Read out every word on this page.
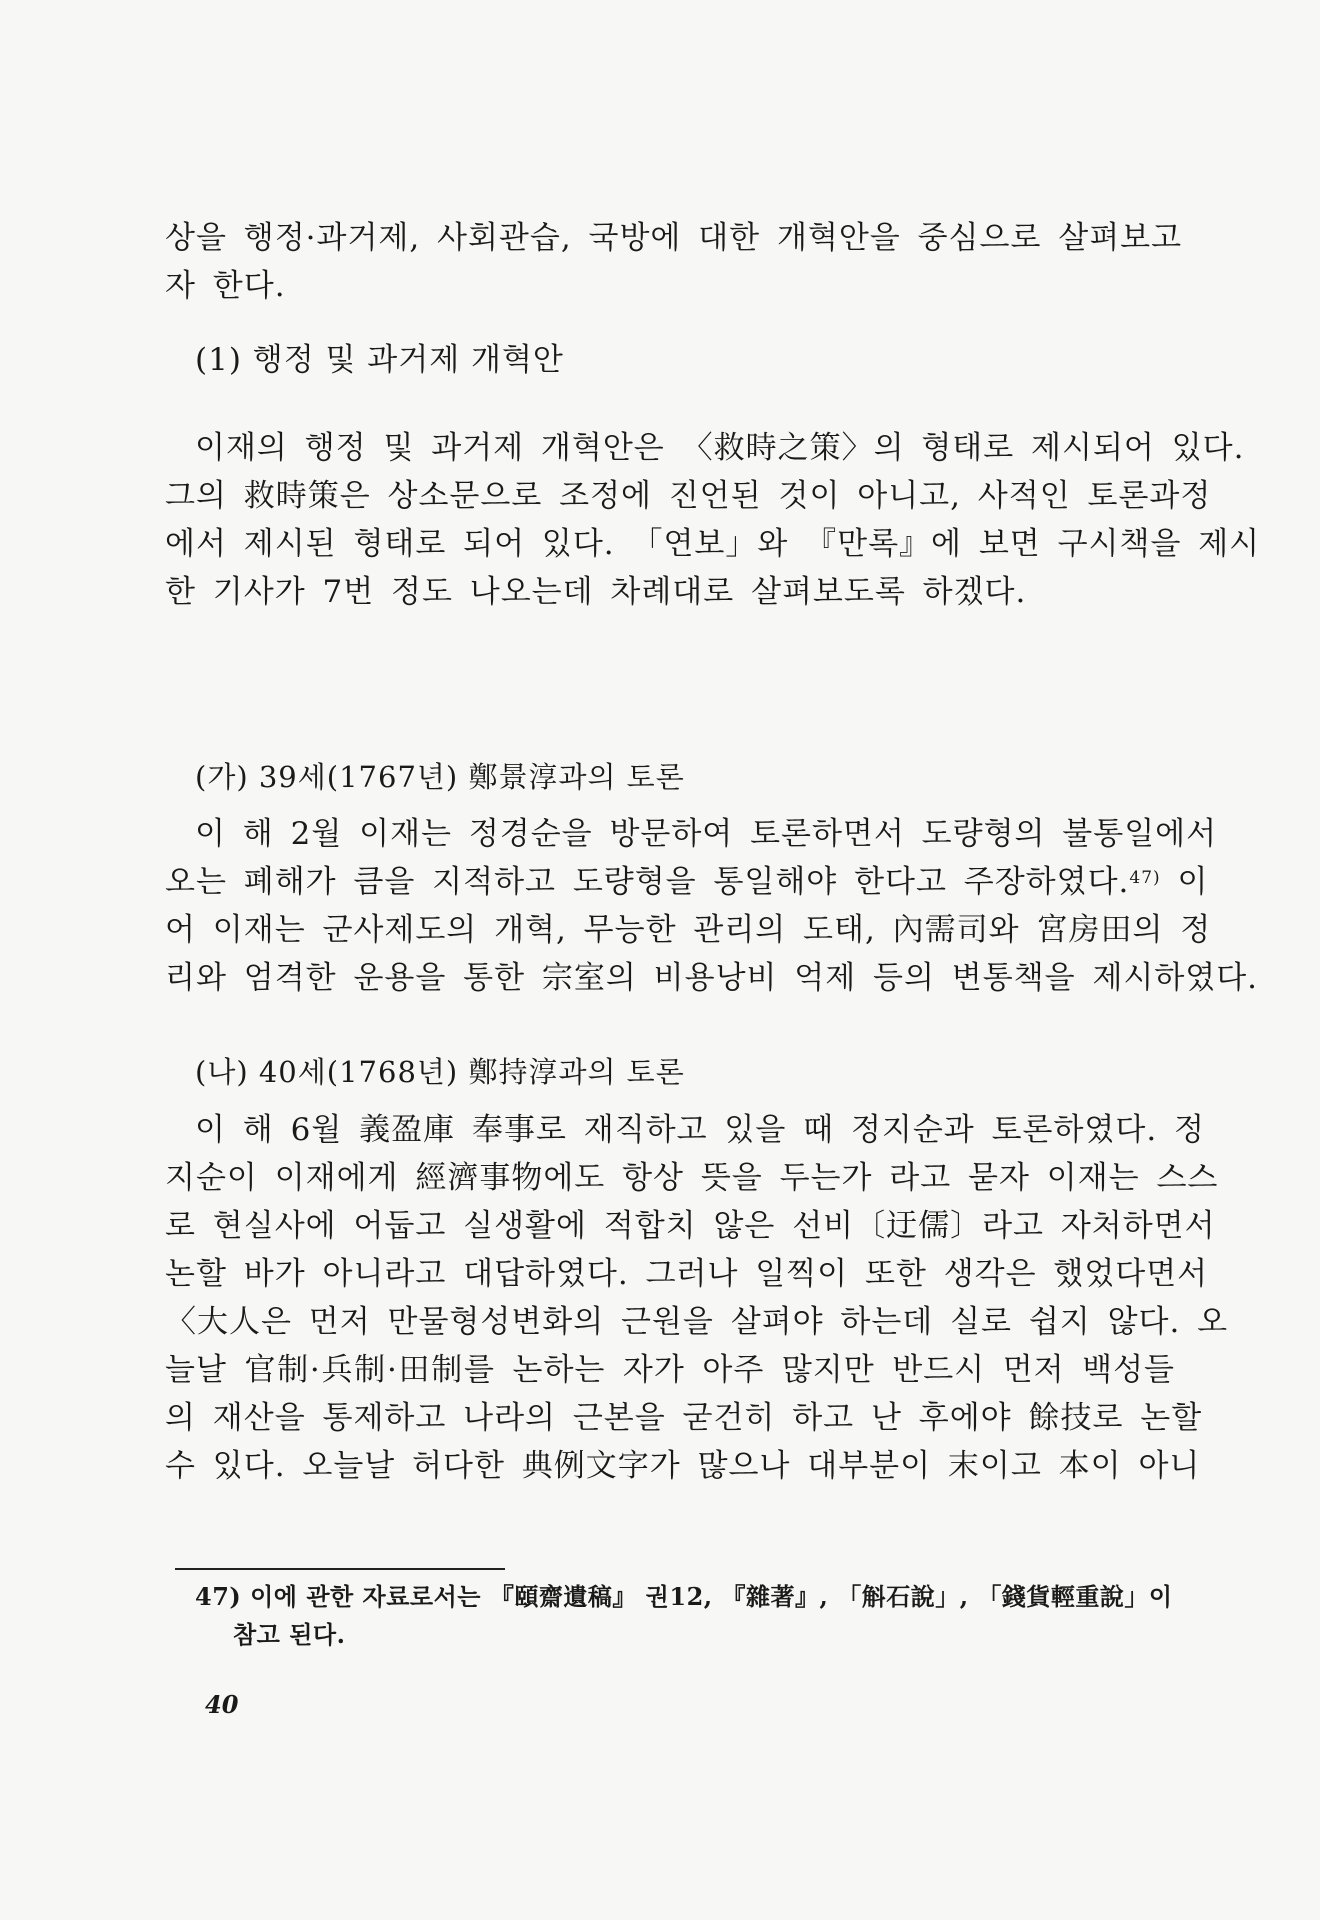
상을 행정·과거제, 사회관습, 국방에 대한 개혁안을 중심으로 살펴보고
자 한다.
(1) 행정 및 과거제 개혁안
이재의 행정 및 과거제 개혁안은 〈救時之策〉의 형태로 제시되어 있다.
그의 救時策은 상소문으로 조정에 진언된 것이 아니고, 사적인 토론과정
에서 제시된 형태로 되어 있다. 「연보」와 『만록』에 보면 구시책을 제시
한 기사가 7번 정도 나오는데 차례대로 살펴보도록 하겠다.
(가) 39세(1767년) 鄭景淳과의 토론
이 해 2월 이재는 정경순을 방문하여 토론하면서 도량형의 불통일에서
오는 폐해가 큼을 지적하고 도량형을 통일해야 한다고 주장하였다.$^{47)}$ 이
어 이재는 군사제도의 개혁, 무능한 관리의 도태, 內需司와 宮房田의 정
리와 엄격한 운용을 통한 宗室의 비용낭비 억제 등의 변통책을 제시하였다.
(나) 40세(1768년) 鄭持淳과의 토론
이 해 6월 義盈庫 奉事로 재직하고 있을 때 정지순과 토론하였다. 정
지순이 이재에게 經濟事物에도 항상 뜻을 두는가 라고 묻자 이재는 스스
로 현실사에 어둡고 실생활에 적합치 않은 선비〔迂儒〕라고 자처하면서
논할 바가 아니라고 대답하였다. 그러나 일찍이 또한 생각은 했었다면서
〈大人은 먼저 만물형성변화의 근원을 살펴야 하는데 실로 쉽지 않다. 오
늘날 官制·兵制·田制를 논하는 자가 아주 많지만 반드시 먼저 백성들
의 재산을 통제하고 나라의 근본을 굳건히 하고 난 후에야 餘技로 논할
수 있다. 오늘날 허다한 典例文字가 많으나 대부분이 末이고 本이 아니
47) 이에 관한 자료로서는 『頤齋遺稿』 권12, 『雜著』, 「斛石說」, 「錢貨輕重說」이
참고 된다.
40
